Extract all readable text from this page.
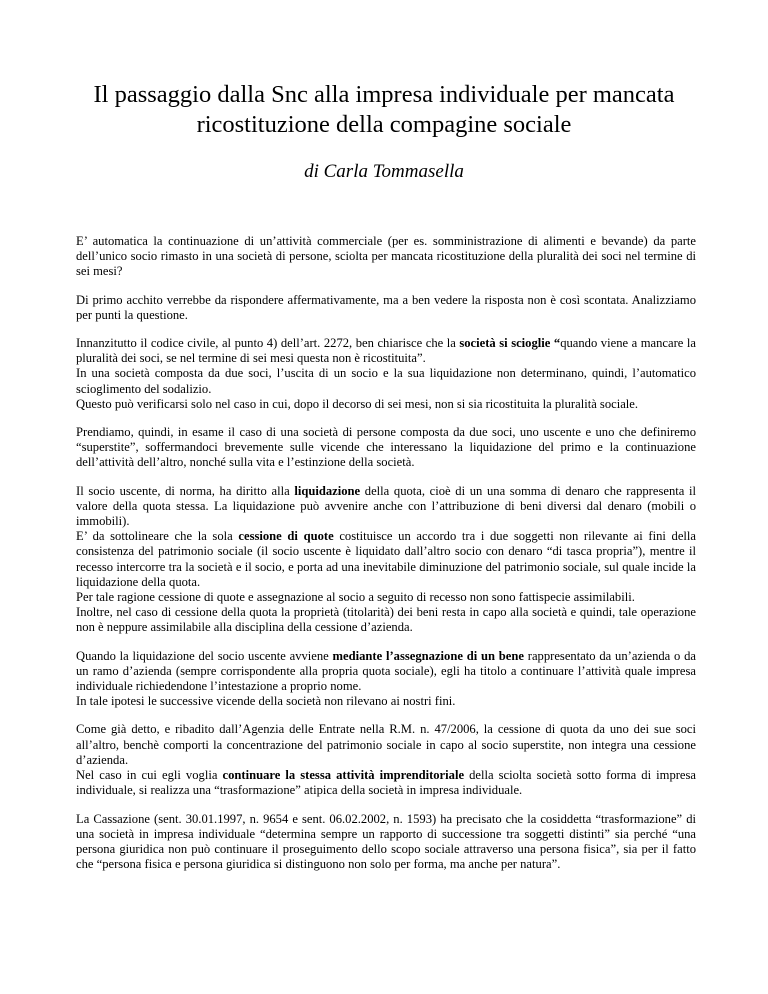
Il passaggio dalla Snc alla impresa individuale per mancata ricostituzione della compagine sociale
di Carla Tommasella

E’ automatica la continuazione di un’attività commerciale (per es. somministrazione di alimenti e bevande) da parte dell’unico socio rimasto in una società di persone, sciolta per mancata ricostituzione della pluralità dei soci nel termine di sei mesi?

Di primo acchito verrebbe da rispondere affermativamente, ma a ben vedere la risposta non è così scontata. Analizziamo per punti la questione.

Innanzitutto il codice civile, al punto 4) dell’art. 2272, ben chiarisce che la società si scioglie “quando viene a mancare la pluralità dei soci, se nel termine di sei mesi questa non è ricostituita”.

In una società composta da due soci, l’uscita di un socio e la sua liquidazione non determinano, quindi, l’automatico scioglimento del sodalizio.

Questo può verificarsi solo nel caso in cui, dopo il decorso di sei mesi, non si sia ricostituita la pluralità sociale.

Prendiamo, quindi, in esame il caso di una società di persone composta da due soci, uno uscente e uno che definiremo “superstite”, soffermandoci brevemente sulle vicende che interessano la liquidazione del primo e la continuazione dell’attività dell’altro, nonché sulla vita e l’estinzione della società.

Il socio uscente, di norma, ha diritto alla liquidazione della quota, cioè di un una somma di denaro che rappresenta il valore della quota stessa. La liquidazione può avvenire anche con l’attribuzione di beni diversi dal denaro (mobili o immobili).

E’ da sottolineare che la sola cessione di quote costituisce un accordo tra i due soggetti non rilevante ai fini della consistenza del patrimonio sociale (il socio uscente è liquidato dall’altro socio con denaro “di tasca propria”), mentre il recesso intercorre tra la società e il socio, e porta ad una inevitabile diminuzione del patrimonio sociale, sul quale incide la liquidazione della quota.

Per tale ragione cessione di quote e assegnazione al socio a seguito di recesso non sono fattispecie assimilabili.

Inoltre, nel caso di cessione della quota la proprietà (titolarità) dei beni resta in capo alla società e quindi, tale operazione non è neppure assimilabile alla disciplina della cessione d’azienda.

Quando la liquidazione del socio uscente avviene mediante l’assegnazione di un bene rappresentato da un’azienda o da un ramo d’azienda (sempre corrispondente alla propria quota sociale), egli ha titolo a continuare l’attività quale impresa individuale richiedendone l’intestazione a proprio nome.

In tale ipotesi le successive vicende della società non rilevano ai nostri fini.

Come già detto, e ribadito dall’Agenzia delle Entrate nella R.M. n. 47/2006, la cessione di quota da uno dei sue soci all’altro, benchè comporti la concentrazione del patrimonio sociale in capo al socio superstite, non integra una cessione d’azienda.

Nel caso in cui egli voglia continuare la stessa attività imprenditoriale della sciolta società sotto forma di impresa individuale, si realizza una “trasformazione” atipica della società in impresa individuale.

La Cassazione (sent. 30.01.1997, n. 9654 e sent. 06.02.2002, n. 1593) ha precisato che la cosiddetta “trasformazione” di una società in impresa individuale “determina sempre un rapporto di successione tra soggetti distinti” sia perché “una persona giuridica non può continuare il proseguimento dello scopo sociale attraverso una persona fisica”, sia per il fatto che “persona fisica e persona giuridica si distinguono non solo per forma, ma anche per natura”.
